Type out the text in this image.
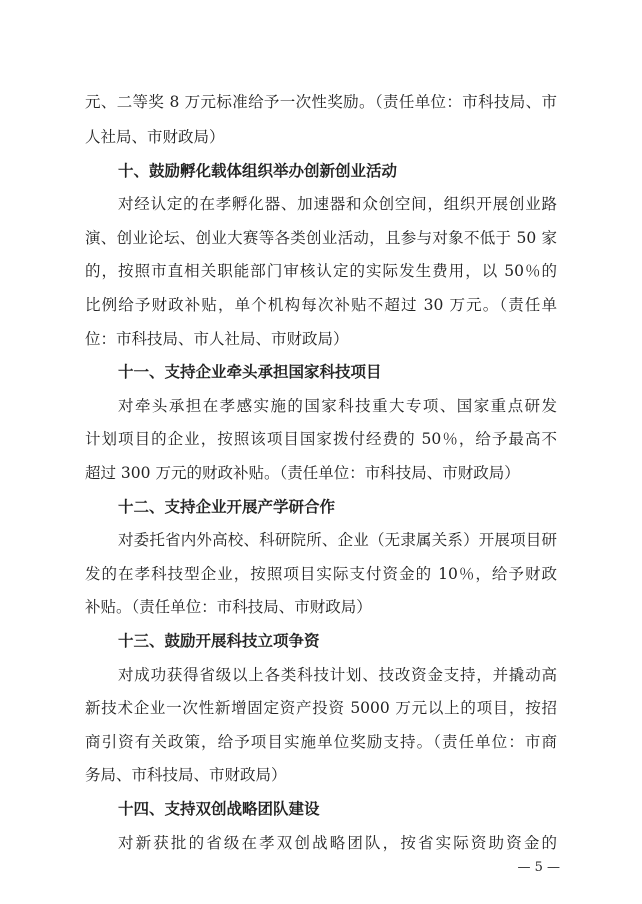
元、二等奖 8 万元标准给予一次性奖励。（责任单位：市科技局、市
人社局、市财政局）
十、鼓励孵化载体组织举办创新创业活动
对经认定的在孝孵化器、加速器和众创空间，组织开展创业路
演、创业论坛、创业大赛等各类创业活动，且参与对象不低于 50 家
的，按照市直相关职能部门审核认定的实际发生费用，以 50％的
比例给予财政补贴，单个机构每次补贴不超过 30 万元。（责任单
位：市科技局、市人社局、市财政局）
十一、支持企业牵头承担国家科技项目
对牵头承担在孝感实施的国家科技重大专项、国家重点研发
计划项目的企业，按照该项目国家拨付经费的 50％，给予最高不
超过 300 万元的财政补贴。（责任单位：市科技局、市财政局）
十二、支持企业开展产学研合作
对委托省内外高校、科研院所、企业（无隶属关系）开展项目研
发的在孝科技型企业，按照项目实际支付资金的 10％，给予财政
补贴。（责任单位：市科技局、市财政局）
十三、鼓励开展科技立项争资
对成功获得省级以上各类科技计划、技改资金支持，并撬动高
新技术企业一次性新增固定资产投资 5000 万元以上的项目，按招
商引资有关政策，给予项目实施单位奖励支持。（责任单位：市商
务局、市科技局、市财政局）
十四、支持双创战略团队建设
对新获批的省级在孝双创战略团队，按省实际资助资金的
— 5 —
